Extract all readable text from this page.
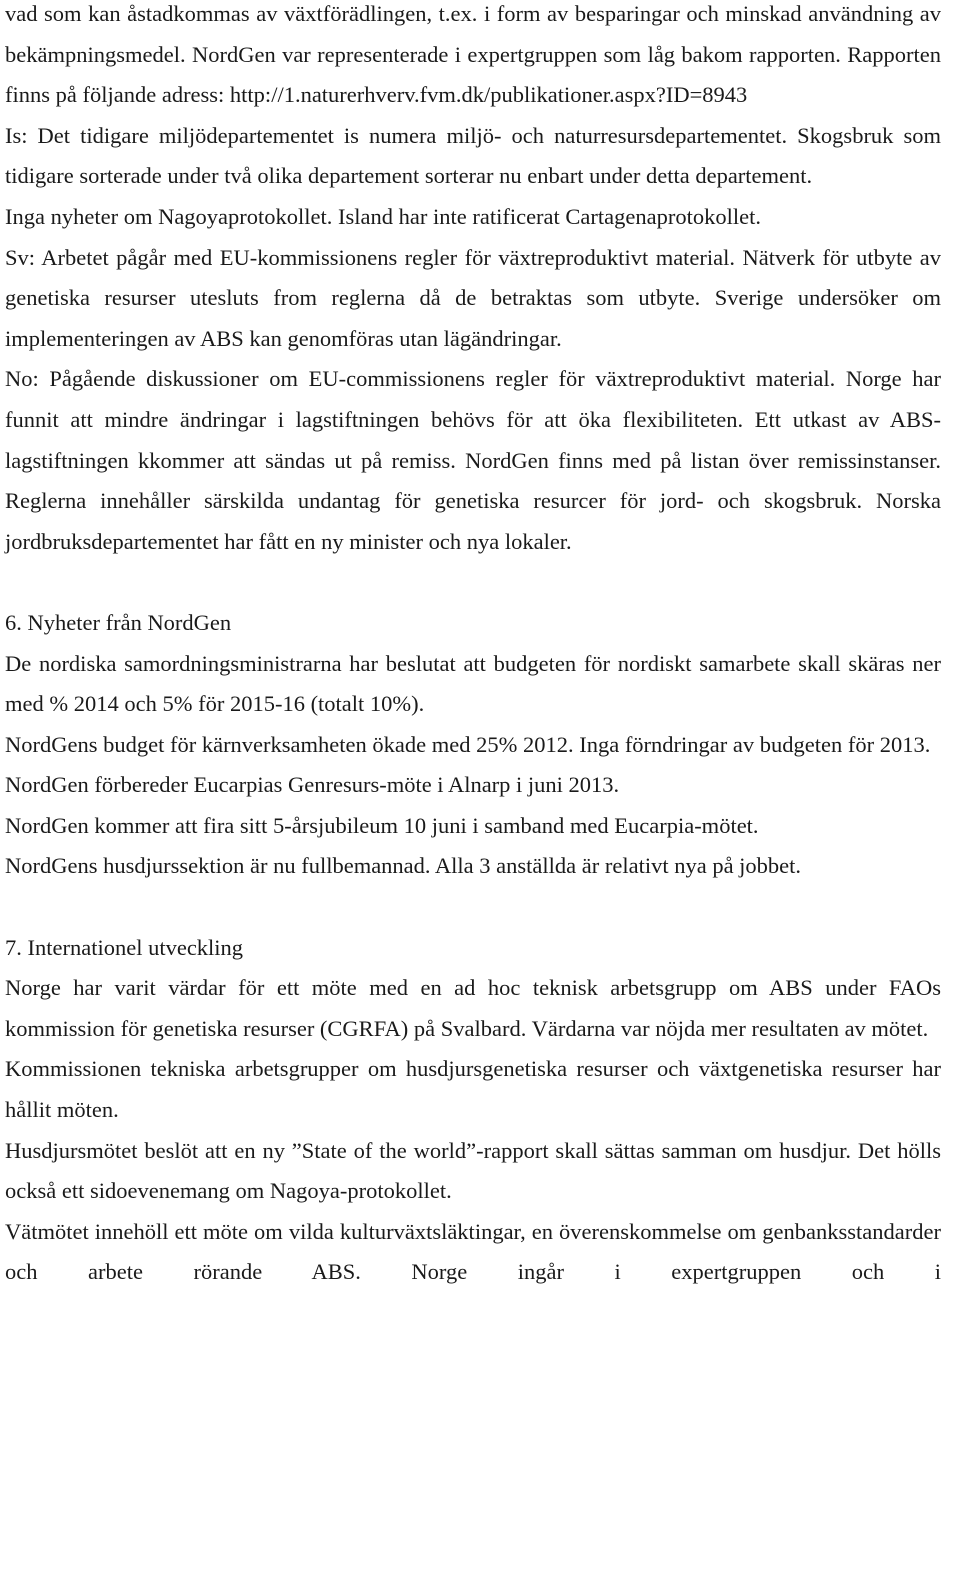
vad som kan åstadkommas av växtförädlingen, t.ex. i form av besparingar och minskad användning av bekämpningsmedel. NordGen var representerade i expertgruppen som låg bakom rapporten. Rapporten finns på följande adress: http://1.naturerhverv.fvm.dk/publikationer.aspx?ID=8943

Is: Det tidigare miljödepartementet is numera miljö- och naturresursdepartementet. Skogsbruk som tidigare sorterade under två olika departement sorterar nu enbart under detta departement.

Inga nyheter om Nagoyaprotokollet. Island har inte ratificerat Cartagenaprotokollet.

Sv: Arbetet pågår med EU-kommissionens regler för växtreproduktivt material. Nätverk för utbyte av genetiska resurser utesluts from reglerna då de betraktas som utbyte. Sverige undersöker om implementeringen av ABS kan genomföras utan lägändringar.

No: Pågående diskussioner om EU-commissionens regler för växtreproduktivt material. Norge har funnit att mindre ändringar i lagstiftningen behövs för att öka flexibiliteten. Ett utkast av ABS-lagstiftningen kkommer att sändas ut på remiss. NordGen finns med på listan över remissinstanser. Reglerna innehåller särskilda undantag för genetiska resurcer för jord- och skogsbruk. Norska jordbruksdepartementet har fått en ny minister och nya lokaler.

6. Nyheter från NordGen

De nordiska samordningsministrarna har beslutat att budgeten för nordiskt samarbete skall skäras ner med % 2014 och 5% för 2015-16 (totalt 10%).

NordGens budget för kärnverksamheten ökade med 25% 2012. Inga förndringar av budgeten för 2013.

NordGen förbereder Eucarpias Genresurs-möte i Alnarp i juni 2013.

NordGen kommer att fira sitt 5-årsjubileum 10 juni i samband med Eucarpia-mötet.

NordGens husdjurssektion är nu fullbemannad. Alla 3 anställda är relativt nya på jobbet.

7. Internationel utveckling

Norge har varit värdar för ett möte med en ad hoc teknisk arbetsgrupp om ABS under FAOs kommission för genetiska resurser (CGRFA) på Svalbard. Värdarna var nöjda mer resultaten av mötet.

Kommissionen tekniska arbetsgrupper om husdjursgenetiska resurser och växtgenetiska resurser har hållit möten.

Husdjursmötet beslöt att en ny ”State of the world”-rapport skall sättas samman om husdjur. Det hölls också ett sidoevenemang om Nagoya-protokollet.

Vätmötet innehöll ett möte om vilda kulturväxtsläktingar, en överenskommelse om genbanksstandarder och arbete rörande ABS. Norge ingår i expertgruppen och i
